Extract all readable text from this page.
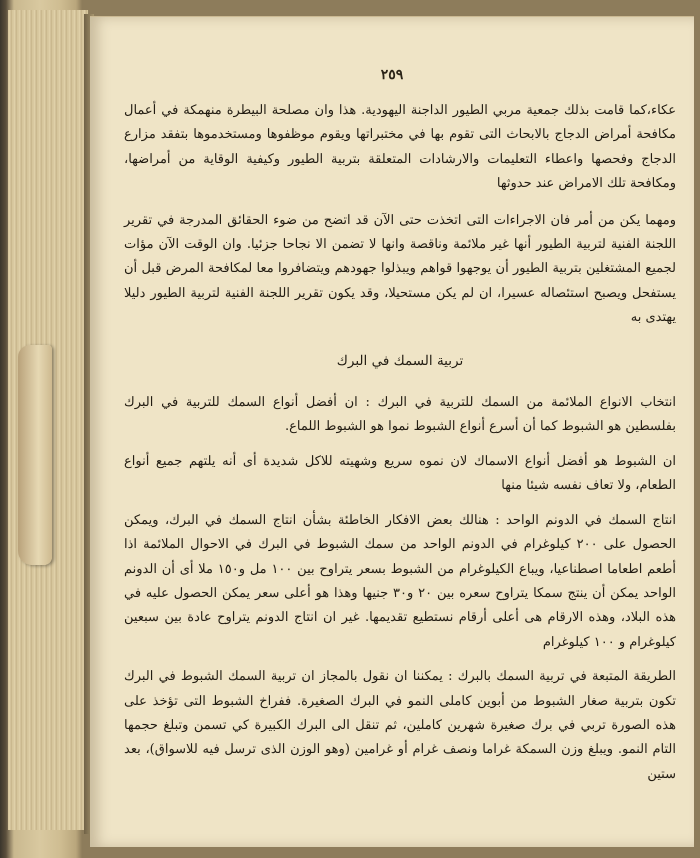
٢٥٩

عكاء،كما قامت بذلك جمعية مربي الطيور الداجنة اليهودية. هذا وان مصلحة البيطرة منهمكة في أعمال مكافحة أمراض الدجاج بالابحاث التى تقوم بها في مختبراتها ويقوم موظفوها ومستخدموها بتفقد مزارع الدجاج وفحصها واعطاء التعليمات والارشادات المتعلقة بتربية الطيور وكيفية الوقاية من أمراضها، ومكافحة تلك الامراض عند حدوثها

ومهما يكن من أمر فان الاجراءات التى اتخذت حتى الآن قد اتضح من ضوء الحقائق المدرجة في تقرير اللجنة الفنية لتربية الطيور أنها غير ملائمة وناقصة وانها لا تضمن الا نجاحا جزئيا. وان الوقت الآن مؤات لجميع المشتغلين بتربية الطيور أن يوجهوا قواهم ويبذلوا جهودهم ويتضافروا معا لمكافحة المرض قبل أن يستفحل ويصبح استئصاله عسيرا، ان لم يكن مستحيلا، وقد يكون تقرير اللجنة الفنية لتربية الطيور دليلا يهتدى به

تربية السمك في البرك

انتخاب الانواع الملائمة من السمك للتربية في البرك : ان أفضل أنواع السمك للتربية في البرك بفلسطين هو الشبوط كما أن أسرع أنواع الشبوط نموا هو الشبوط اللماع.

ان الشبوط هو أفضل أنواع الاسماك لان نموه سريع وشهيته للاكل شديدة أى أنه يلتهم جميع أنواع الطعام، ولا تعاف نفسه شيئا منها

انتاج السمك في الدونم الواحد : هنالك بعض الافكار الخاطئة بشأن انتاج السمك في البرك، ويمكن الحصول على ٢٠٠ كيلوغرام في الدونم الواحد من سمك الشبوط في البرك في الاحوال الملائمة اذا أطعم اطعاما اصطناعيا، ويباع الكيلوغرام من الشبوط بسعر يتراوح بين ١٠٠ مل و١٥٠ ملا أى أن الدونم الواحد يمكن أن ينتج سمكا يتراوح سعره بين ٢٠ و٣٠ جنيها وهذا هو أعلى سعر يمكن الحصول عليه في هذه البلاد، وهذه الارقام هى أعلى أرقام نستطيع تقديمها. غير ان انتاج الدونم يتراوح عادة بين سبعين كيلوغرام و ١٠٠ كيلوغرام

الطريقة المتبعة في تربية السمك بالبرك : يمكننا ان نقول بالمجاز ان تربية السمك الشبوط في البرك تكون بتربية صغار الشبوط من أبوين كاملى النمو في البرك الصغيرة. ففراخ الشبوط التى تؤخذ على هذه الصورة تربي في برك صغيرة شهرين كاملين، ثم تنقل الى البرك الكبيرة كي تسمن وتبلغ حجمها التام النمو. ويبلغ وزن السمكة غراما ونصف غرام أو غرامين (وهو الوزن الذى ترسل فيه للاسواق)، بعد ستين
